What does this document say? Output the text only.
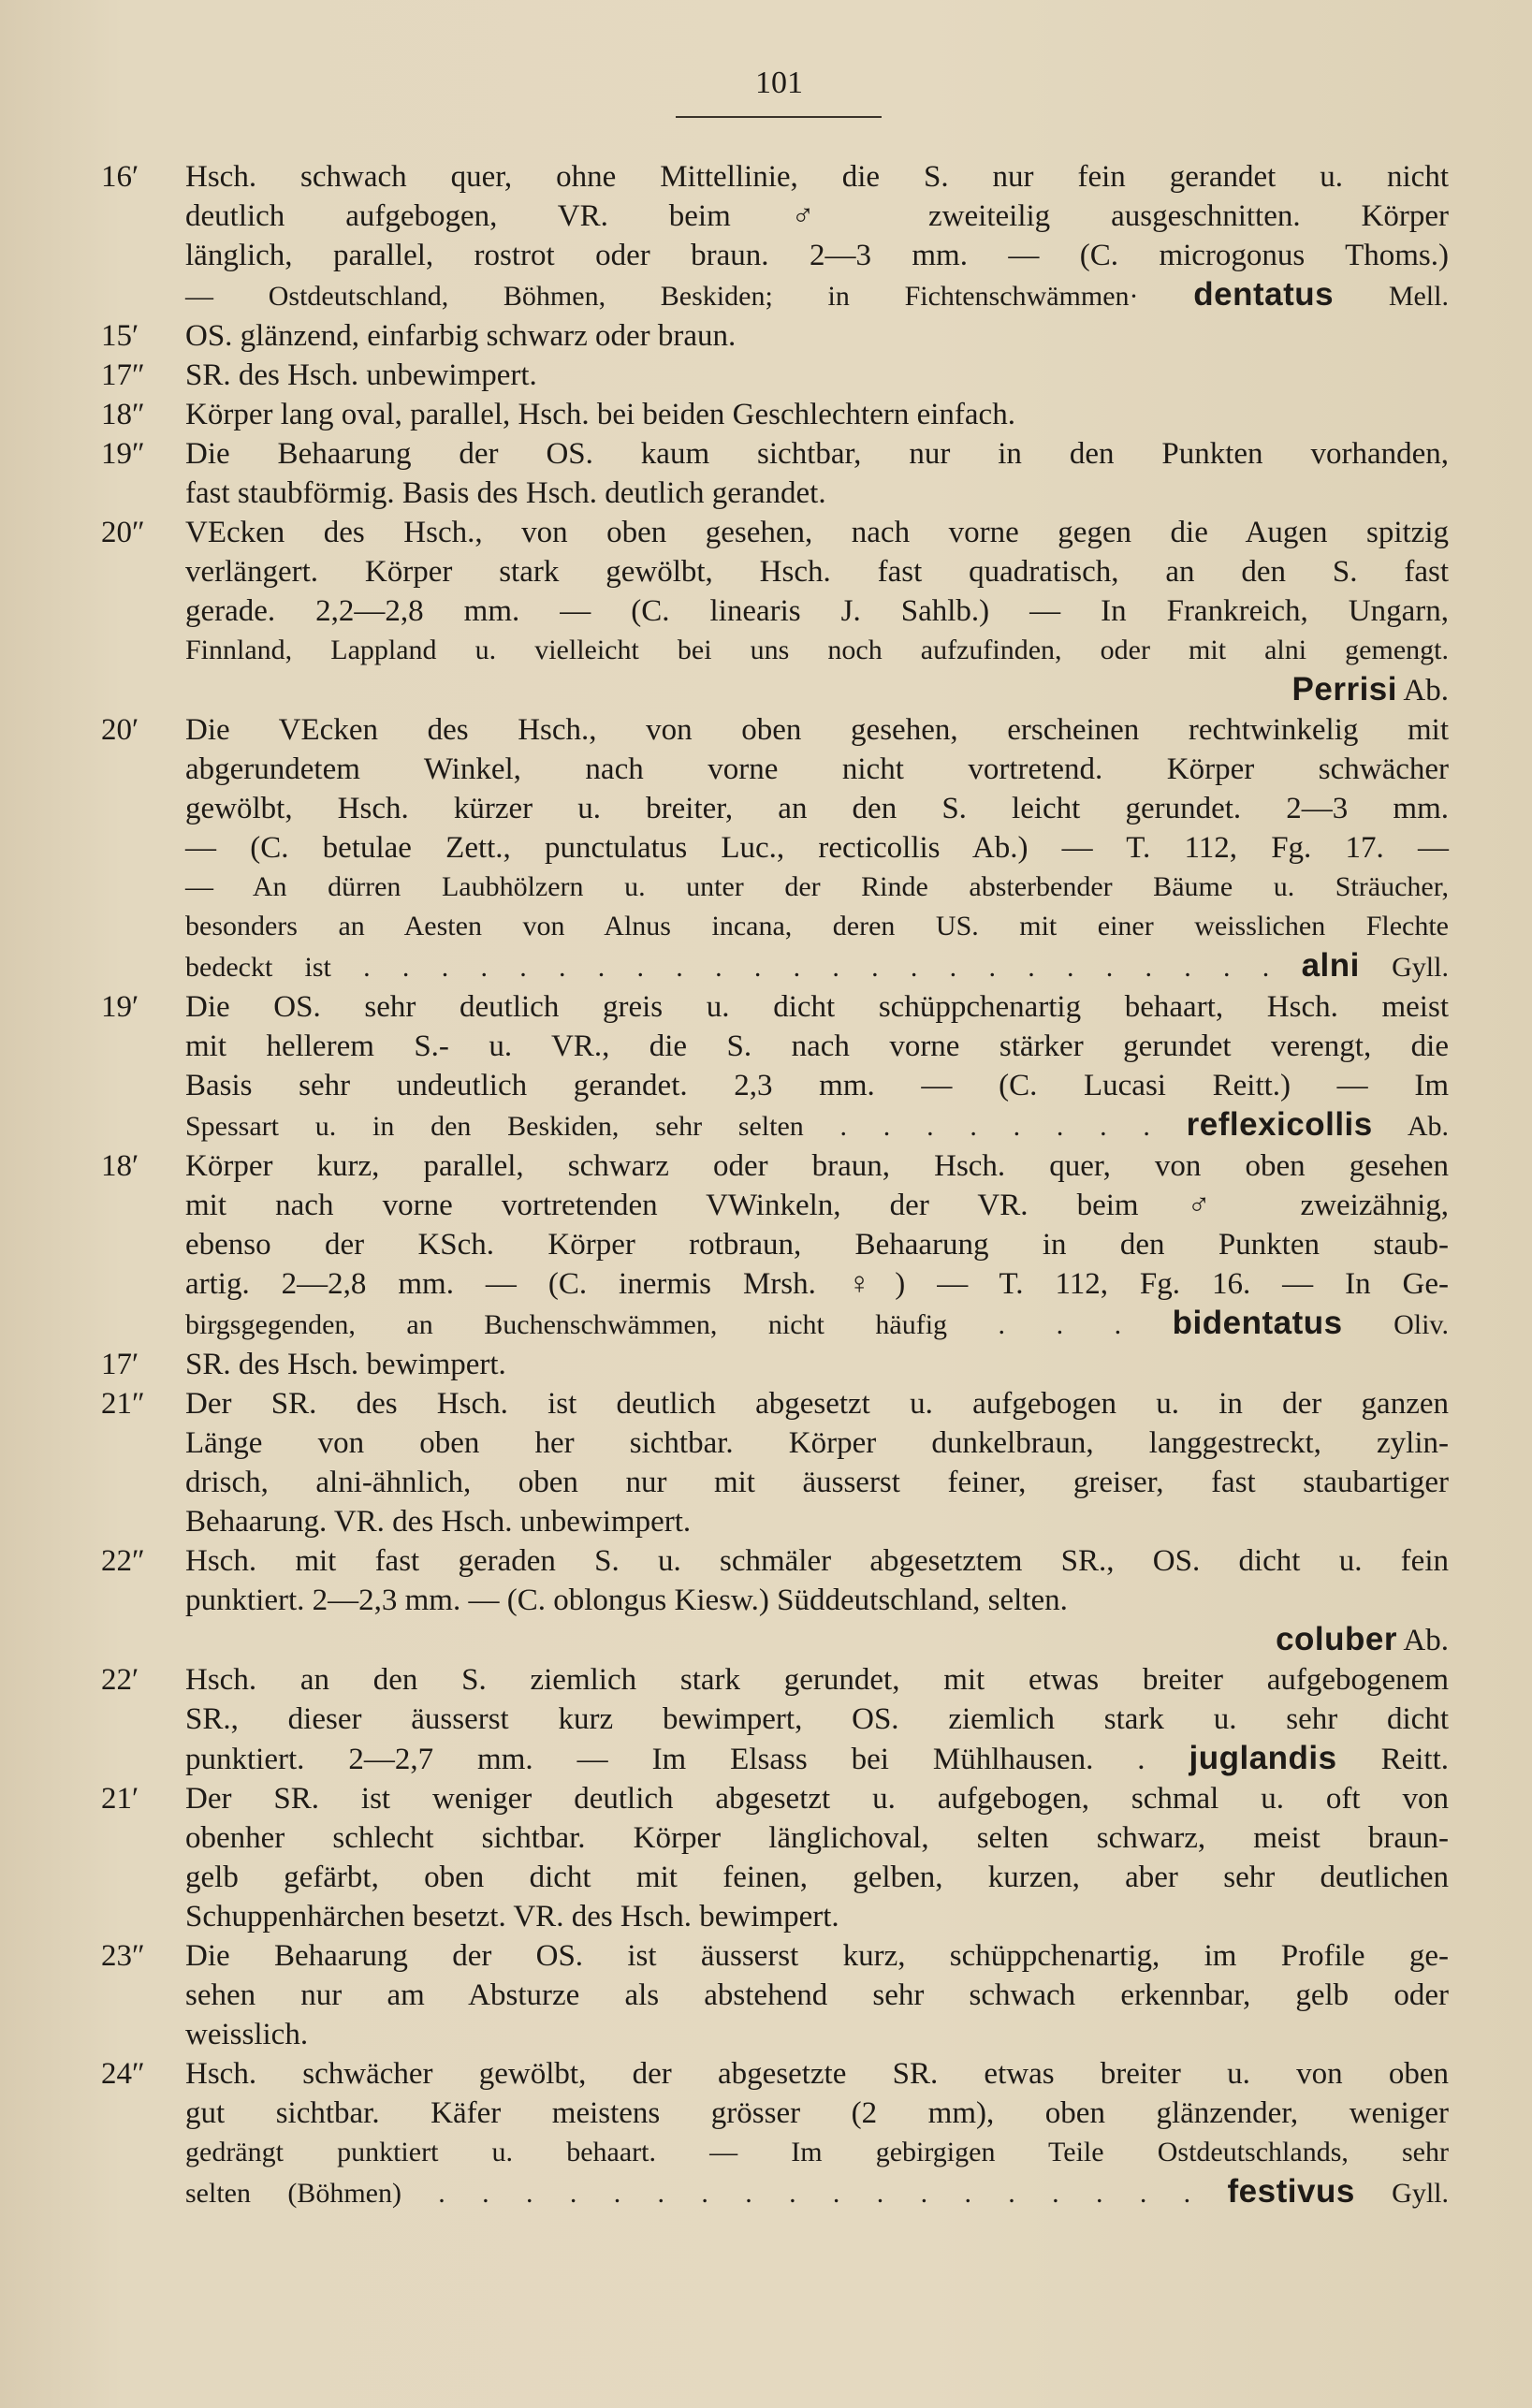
101
16′	Hsch. schwach quer, ohne Mittellinie, die S. nur fein gerandet u. nicht
deutlich aufgebogen, VR. beim ♂ zweiteilig ausgeschnitten. Körper
länglich, parallel, rostrot oder braun. 2—3 mm. — (C. microgonus Thoms.)
— Ostdeutschland, Böhmen, Beskiden; in Fichtenschwämmen· dentatus Mell.
15′	OS. glänzend, einfarbig schwarz oder braun.
17″	SR. des Hsch. unbewimpert.
18″	Körper lang oval, parallel, Hsch. bei beiden Geschlechtern einfach.
19″	Die Behaarung der OS. kaum sichtbar, nur in den Punkten vorhanden,
fast staubförmig. Basis des Hsch. deutlich gerandet.
20″	VEcken des Hsch., von oben gesehen, nach vorne gegen die Augen spitzig
verlängert. Körper stark gewölbt, Hsch. fast quadratisch, an den S. fast
gerade. 2,2—2,8 mm. — (C. linearis J. Sahlb.) — In Frankreich, Ungarn,
Finnland, Lappland u. vielleicht bei uns noch aufzufinden, oder mit alni gemengt.
Perrisi Ab.
20′	Die VEcken des Hsch., von oben gesehen, erscheinen rechtwinkelig mit
abgerundetem Winkel, nach vorne nicht vortretend. Körper schwächer
gewölbt, Hsch. kürzer u. breiter, an den S. leicht gerundet. 2—3 mm.
— (C. betulae Zett., punctulatus Luc., recticollis Ab.) — T. 112, Fg. 17. —
— An dürren Laubhölzern u. unter der Rinde absterbender Bäume u. Sträucher,
besonders an Aesten von Alnus incana, deren US. mit einer weisslichen Flechte
bedeckt ist . . . . . . . . . . . . . . . . . . . . . . . . alni Gyll.
19′	Die OS. sehr deutlich greis u. dicht schüppchenartig behaart, Hsch. meist
mit hellerem S.- u. VR., die S. nach vorne stärker gerundet verengt, die
Basis sehr undeutlich gerandet. 2,3 mm. — (C. Lucasi Reitt.) — Im
Spessart u. in den Beskiden, sehr selten . . . . . . . . reflexicollis Ab.
18′	Körper kurz, parallel, schwarz oder braun, Hsch. quer, von oben gesehen
mit nach vorne vortretenden VWinkeln, der VR. beim ♂ zweizähnig,
ebenso der KSch. Körper rotbraun, Behaarung in den Punkten staub-
artig. 2—2,8 mm. — (C. inermis Mrsh. ♀) — T. 112, Fg. 16. — In Ge-
birgsgegenden, an Buchenschwämmen, nicht häufig . . . bidentatus Oliv.
17′	SR. des Hsch. bewimpert.
21″	Der SR. des Hsch. ist deutlich abgesetzt u. aufgebogen u. in der ganzen
Länge von oben her sichtbar. Körper dunkelbraun, langgestreckt, zylin-
drisch, alni-ähnlich, oben nur mit äusserst feiner, greiser, fast staubartiger
Behaarung. VR. des Hsch. unbewimpert.
22″	Hsch. mit fast geraden S. u. schmäler abgesetztem SR., OS. dicht u. fein
punktiert. 2—2,3 mm. — (C. oblongus Kiesw.) Süddeutschland, selten.
coluber Ab.
22′	Hsch. an den S. ziemlich stark gerundet, mit etwas breiter aufgebogenem
SR., dieser äusserst kurz bewimpert, OS. ziemlich stark u. sehr dicht
punktiert. 2—2,7 mm. — Im Elsass bei Mühlhausen. . juglandis Reitt.
21′	Der SR. ist weniger deutlich abgesetzt u. aufgebogen, schmal u. oft von
obenher schlecht sichtbar. Körper länglichoval, selten schwarz, meist braun-
gelb gefärbt, oben dicht mit feinen, gelben, kurzen, aber sehr deutlichen
Schuppenhärchen besetzt. VR. des Hsch. bewimpert.
23″	Die Behaarung der OS. ist äusserst kurz, schüppchenartig, im Profile ge-
sehen nur am Absturze als abstehend sehr schwach erkennbar, gelb oder
weisslich.
24″	Hsch. schwächer gewölbt, der abgesetzte SR. etwas breiter u. von oben
gut sichtbar. Käfer meistens grösser (2 mm), oben glänzender, weniger
gedrängt punktiert u. behaart. — Im gebirgigen Teile Ostdeutschlands, sehr
selten (Böhmen) . . . . . . . . . . . . . . . . . . festivus Gyll.
